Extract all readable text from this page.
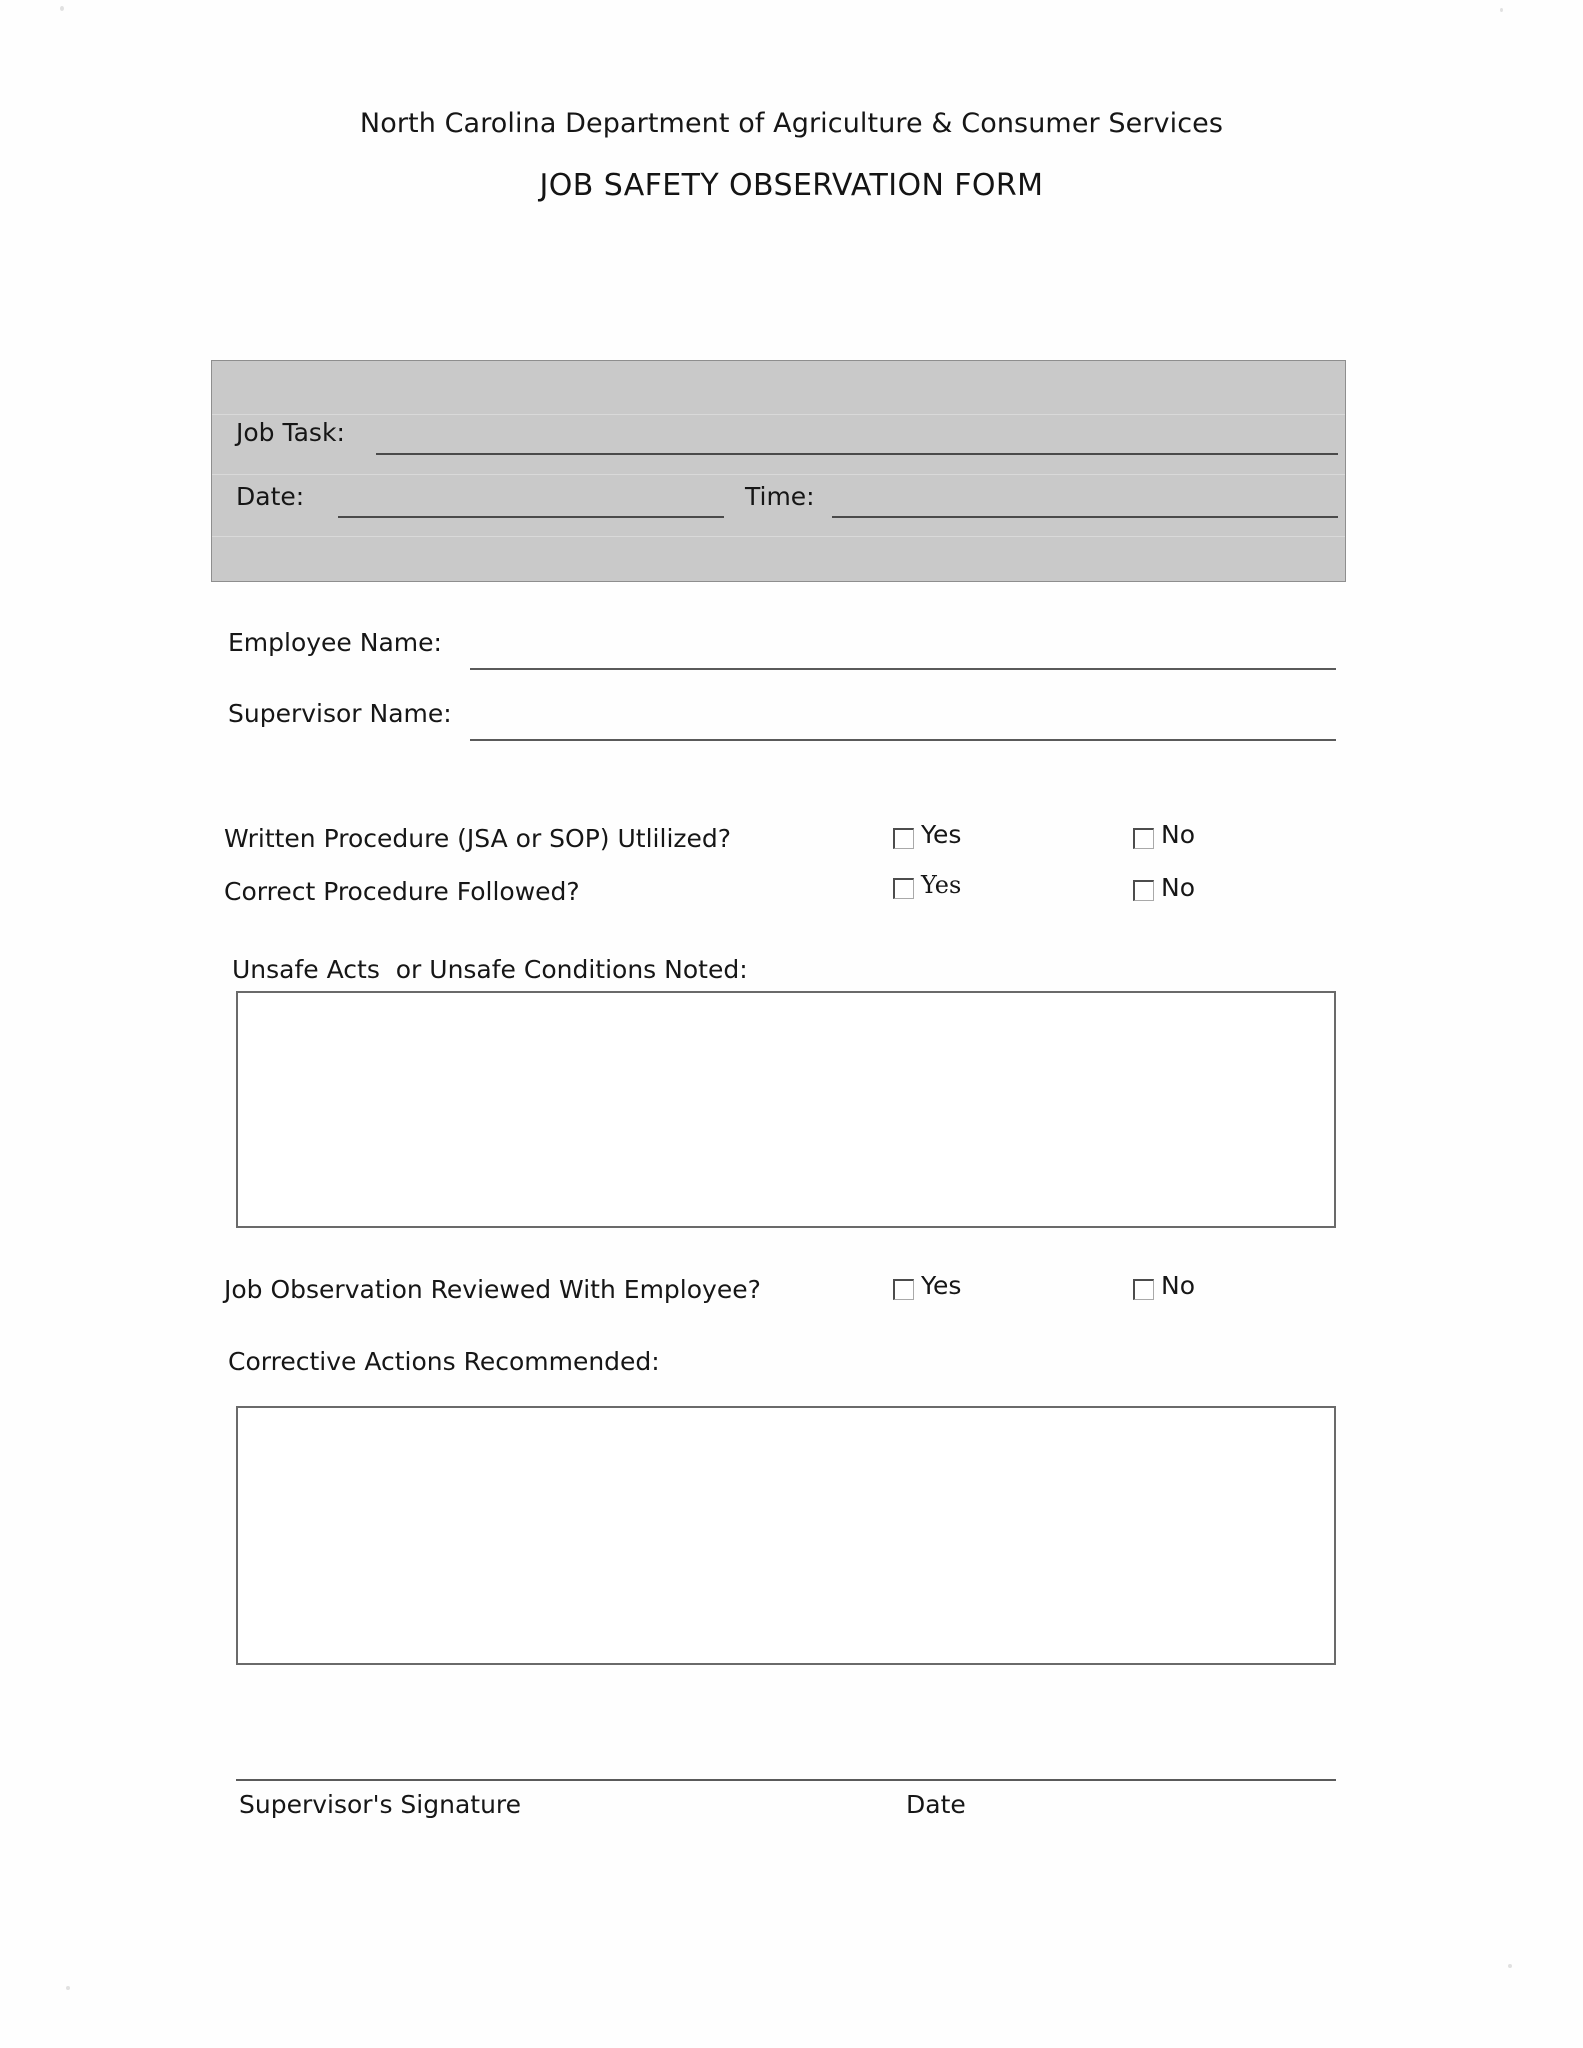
North Carolina Department of Agriculture & Consumer Services
JOB SAFETY OBSERVATION FORM
Job Task:
Date:	Time:
Employee Name:
Supervisor Name:
Written Procedure (JSA or SOP) Utlilized?	Yes	No
Correct Procedure Followed?	Yes	No
Unsafe Acts  or Unsafe Conditions Noted:
Job Observation Reviewed With Employee?	Yes	No
Corrective Actions Recommended:
Supervisor's Signature	Date
